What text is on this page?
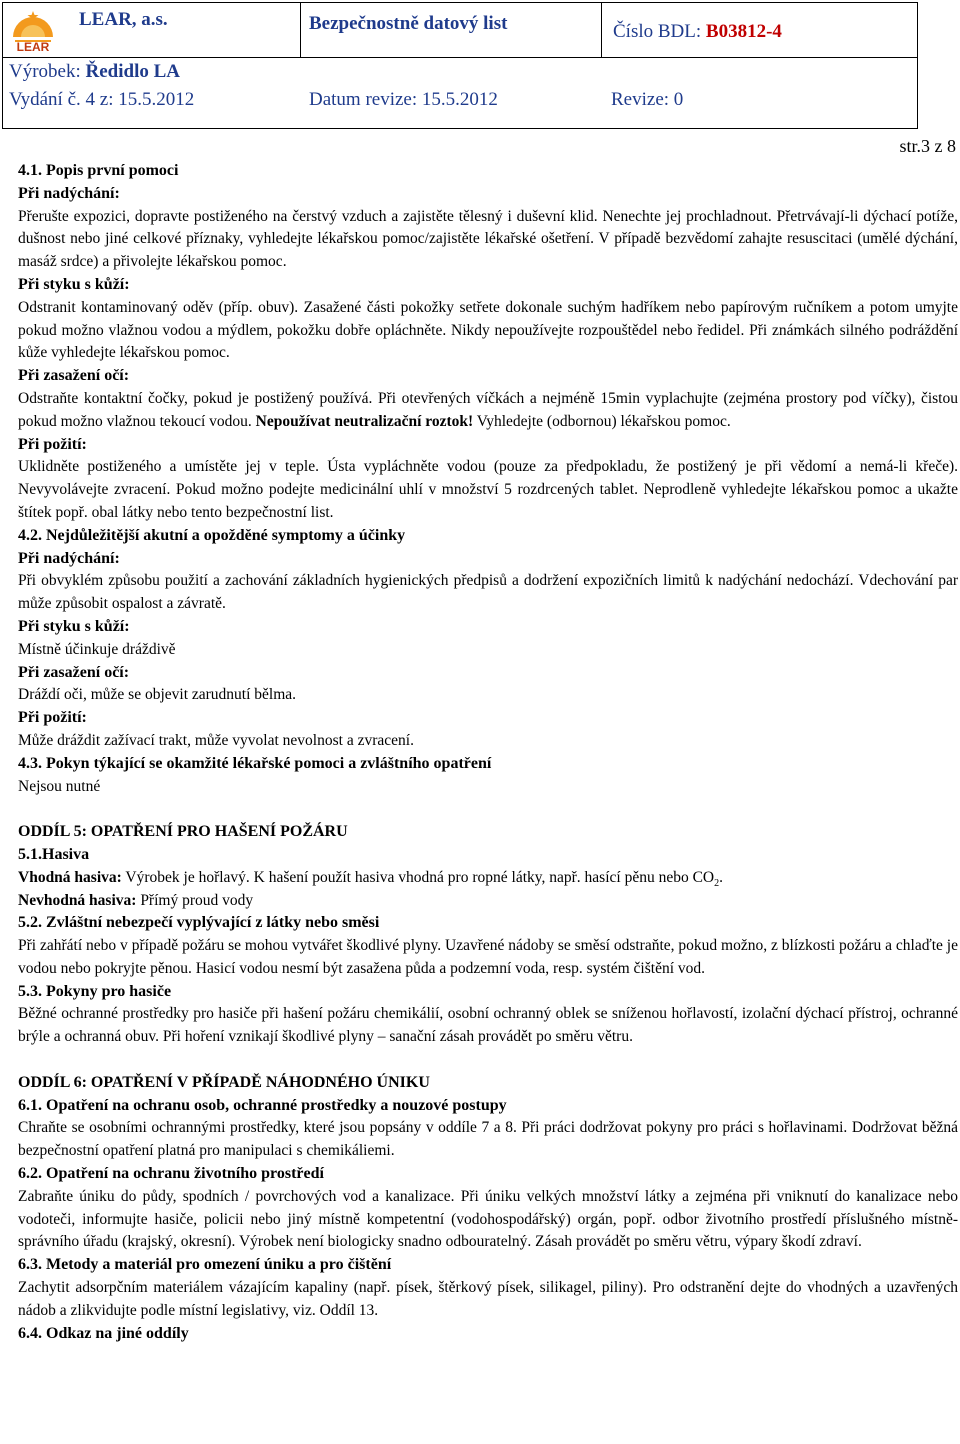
LEAR
LEAR, a.s.	Bezpečnostně datový list	Číslo BDL: B03812-4
Výrobek: Ředidlo LA
Vydání č. 4 z: 15.5.2012	Datum revize: 15.5.2012	Revize: 0
str.3 z 8

4.1. Popis první pomoci

Při nadýchání:

Přerušte expozici, dopravte postiženého na čerstvý vzduch a zajistěte tělesný i duševní klid. Nenechte jej prochladnout. Přetrvávají-li dýchací potíže, dušnost nebo jiné celkové příznaky, vyhledejte lékařskou pomoc/zajistěte lékařské ošetření. V případě bezvědomí zahajte resuscitaci (umělé dýchání, masáž srdce) a přivolejte lékařskou pomoc.

Při styku s kůží:

Odstranit kontaminovaný oděv (příp. obuv). Zasažené části pokožky setřete dokonale suchým hadříkem nebo papírovým ručníkem a potom umyjte pokud možno vlažnou vodou a mýdlem, pokožku dobře opláchněte. Nikdy nepoužívejte rozpouštědel nebo ředidel. Při známkách silného podráždění kůže vyhledejte lékařskou pomoc.

Při zasažení očí:

Odstraňte kontaktní čočky, pokud je postižený používá. Při otevřených víčkách a nejméně 15min vyplachujte (zejména prostory pod víčky), čistou pokud možno vlažnou tekoucí vodou. Nepoužívat neutralizační roztok! Vyhledejte (odbornou) lékařskou pomoc.

Při požití:

Uklidněte postiženého a umístěte jej v teple. Ústa vypláchněte vodou (pouze za předpokladu, že postižený je při vědomí a nemá-li křeče). Nevyvolávejte zvracení. Pokud možno podejte medicinální uhlí v množství 5 rozdrcených tablet. Neprodleně vyhledejte lékařskou pomoc a ukažte štítek popř. obal látky nebo tento bezpečnostní list.

4.2. Nejdůležitější akutní a opožděné symptomy a účinky

Při nadýchání:

Při obvyklém způsobu použití a zachování základních hygienických předpisů a dodržení expozičních limitů k nadýchání nedochází. Vdechování par může způsobit ospalost a závratě.

Při styku s kůží:

Místně účinkuje dráždivě

Při zasažení očí:

Dráždí oči, může se objevit zarudnutí bělma.

Při požití:

Může dráždit zažívací trakt, může vyvolat nevolnost a zvracení.

4.3. Pokyn týkající se okamžité lékařské pomoci a zvláštního opatření

Nejsou nutné

ODDÍL 5: OPATŘENÍ PRO HAŠENÍ POŽÁRU

5.1.Hasiva

Vhodná hasiva: Výrobek je hořlavý. K hašení použít hasiva vhodná pro ropné látky, např. hasící pěnu nebo $CO_2$.

Nevhodná hasiva: Přímý proud vody

5.2. Zvláštní nebezpečí vyplývající z látky nebo směsi

Při zahřátí nebo v případě požáru se mohou vytvářet škodlivé plyny. Uzavřené nádoby se směsí odstraňte, pokud možno, z blízkosti požáru a chlaďte je vodou nebo pokryjte pěnou. Hasicí vodou nesmí být zasažena půda a podzemní voda, resp. systém čištění vod.

5.3. Pokyny pro hasiče

Běžné ochranné prostředky pro hasiče při hašení požáru chemikálií, osobní ochranný oblek se sníženou hořlavostí, izolační dýchací přístroj, ochranné brýle a ochranná obuv. Při hoření vznikají škodlivé plyny – sanační zásah provádět po směru větru.

ODDÍL 6: OPATŘENÍ V PŘÍPADĚ NÁHODNÉHO ÚNIKU

6.1. Opatření na ochranu osob, ochranné prostředky a nouzové postupy

Chraňte se osobními ochrannými prostředky, které jsou popsány v oddíle 7 a 8. Při práci dodržovat pokyny pro práci s hořlavinami. Dodržovat běžná bezpečnostní opatření platná pro manipulaci s chemikáliemi.

6.2. Opatření na ochranu životního prostředí

Zabraňte úniku do půdy, spodních / povrchových vod a kanalizace. Při úniku velkých množství látky a zejména při vniknutí do kanalizace nebo vodoteči, informujte hasiče, policii nebo jiný místně kompetentní (vodohospodářský) orgán, popř. odbor životního prostředí příslušného místně-správního úřadu (krajský, okresní). Výrobek není biologicky snadno odbouratelný. Zásah provádět po směru větru, výpary škodí zdraví.

6.3. Metody a materiál pro omezení úniku a pro čištění

Zachytit adsorpčním materiálem vázajícím kapaliny (např. písek, štěrkový písek, silikagel, piliny). Pro odstranění dejte do vhodných a uzavřených nádob a zlikvidujte podle místní legislativy, viz. Oddíl 13.

6.4. Odkaz na jiné oddíly
